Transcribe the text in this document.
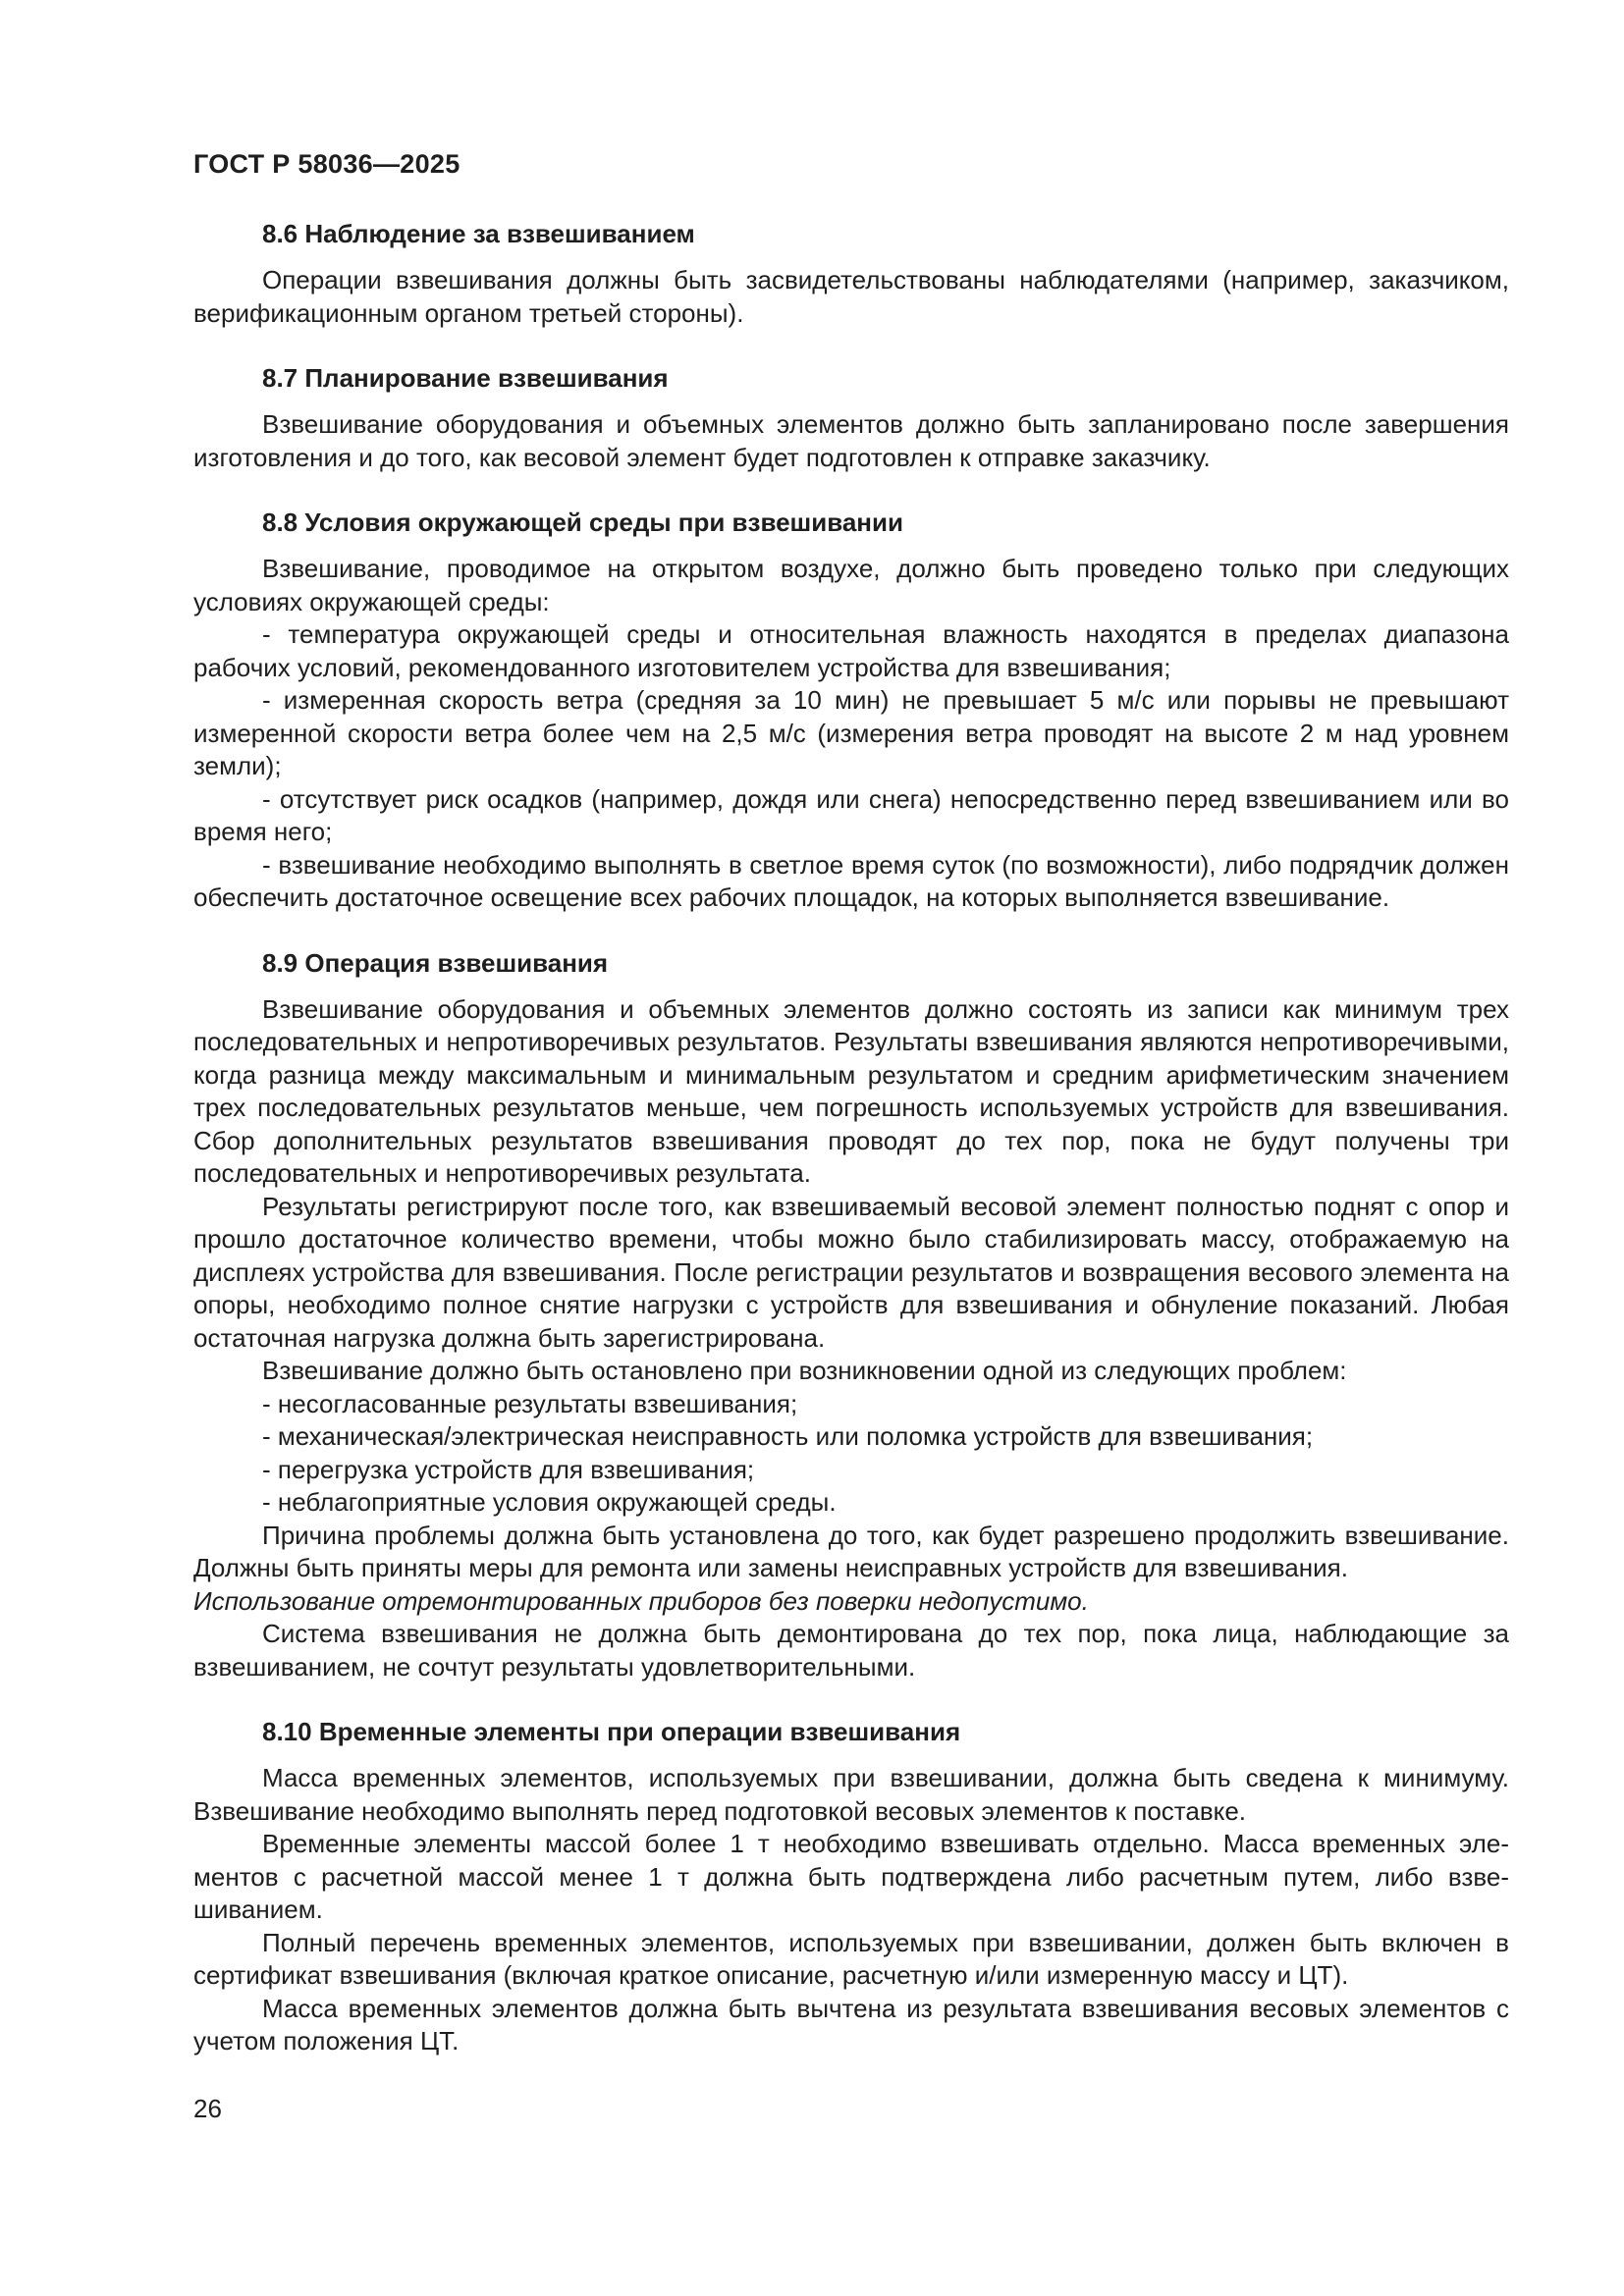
ГОСТ Р 58036—2025
8.6 Наблюдение за взвешиванием

Операции взвешивания должны быть засвидетельствованы наблюдателями (например, заказчиком, верификационным органом третьей стороны).

8.7 Планирование взвешивания

Взвешивание оборудования и объемных элементов должно быть запланировано после завершения изготовления и до того, как весовой элемент будет подготовлен к отправке заказчику.

8.8 Условия окружающей среды при взвешивании

Взвешивание, проводимое на открытом воздухе, должно быть проведено только при следующих условиях окружающей среды:

- температура окружающей среды и относительная влажность находятся в пределах диапазона рабочих условий, рекомендованного изготовителем устройства для взвешивания;

- измеренная скорость ветра (средняя за 10 мин) не превышает 5 м/с или порывы не превышают измеренной скорости ветра более чем на 2,5 м/с (измерения ветра проводят на высоте 2 м над уровнем земли);

- отсутствует риск осадков (например, дождя или снега) непосредственно перед взвешиванием или во время него;

- взвешивание необходимо выполнять в светлое время суток (по возможности), либо подрядчик должен обеспечить достаточное освещение всех рабочих площадок, на которых выполняется взвешивание.

8.9 Операция взвешивания

Взвешивание оборудования и объемных элементов должно состоять из записи как минимум трех последовательных и непротиворечивых результатов. Результаты взвешивания являются непротиворечивыми, когда разница между максимальным и минимальным результатом и средним арифметическим значением трех последовательных результатов меньше, чем погрешность используемых устройств для взвешивания. Сбор дополнительных результатов взвешивания проводят до тех пор, пока не будут получены три последовательных и непротиворечивых результата.

Результаты регистрируют после того, как взвешиваемый весовой элемент полностью поднят с опор и прошло достаточное количество времени, чтобы можно было стабилизировать массу, отображаемую на дисплеях устройства для взвешивания. После регистрации результатов и возвращения весового элемента на опоры, необходимо полное снятие нагрузки с устройств для взвешивания и обнуление показаний. Любая остаточная нагрузка должна быть зарегистрирована.

Взвешивание должно быть остановлено при возникновении одной из следующих проблем:

- несогласованные результаты взвешивания;

- механическая/электрическая неисправность или поломка устройств для взвешивания;

- перегрузка устройств для взвешивания;

- неблагоприятные условия окружающей среды.

Причина проблемы должна быть установлена до того, как будет разрешено продолжить взвешивание. Должны быть приняты меры для ремонта или замены неисправных устройств для взвешивания.

Использование отремонтированных приборов без поверки недопустимо.

Система взвешивания не должна быть демонтирована до тех пор, пока лица, наблюдающие за взвешиванием, не сочтут результаты удовлетворительными.

8.10 Временные элементы при операции взвешивания

Масса временных элементов, используемых при взвешивании, должна быть сведена к минимуму. Взвешивание необходимо выполнять перед подготовкой весовых элементов к поставке.

Временные элементы массой более 1 т необходимо взвешивать отдельно. Масса временных элементов с расчетной массой менее 1 т должна быть подтверждена либо расчетным путем, либо взвешиванием.

Полный перечень временных элементов, используемых при взвешивании, должен быть включен в сертификат взвешивания (включая краткое описание, расчетную и/или измеренную массу и ЦТ).

Масса временных элементов должна быть вычтена из результата взвешивания весовых элементов с учетом положения ЦТ.

26
